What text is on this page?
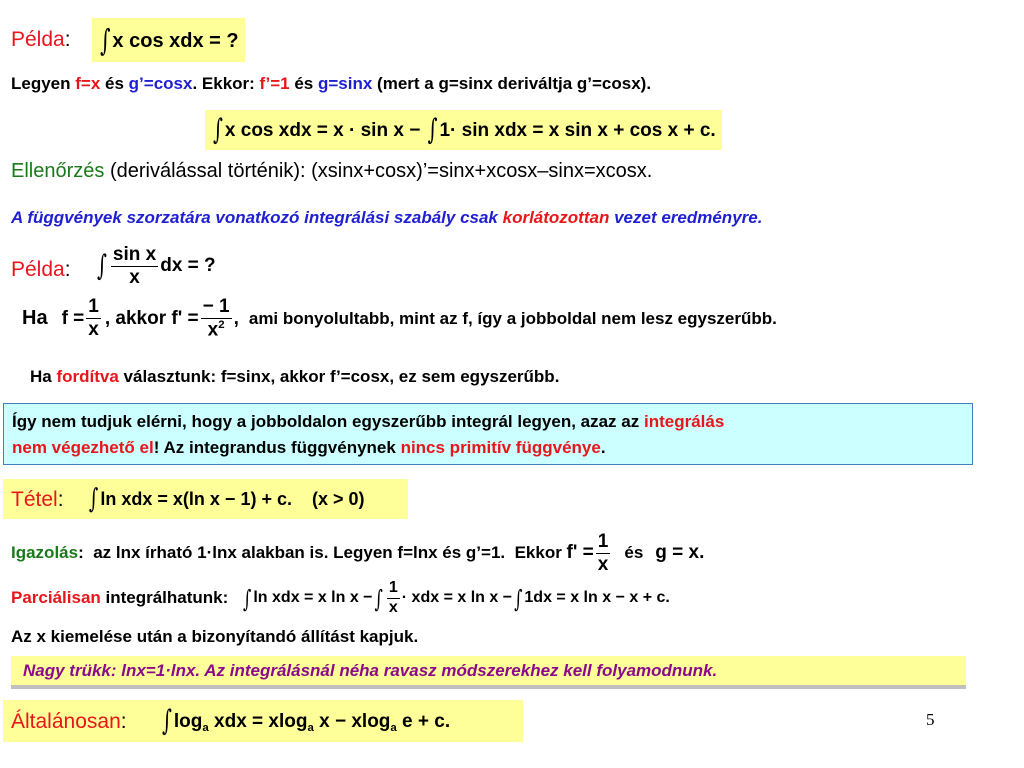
Példa:	∫ x cos xdx = ?
Legyen f=x és g’=cosx. Ekkor: f’=1 és g=sinx (mert a g=sinx deriváltja g’=cosx).
∫ x cos xdx = x · sin x − ∫ 1· sin xdx = x sin x + cos x + c.
Ellenőrzés (deriválással történik): (xsinx+cosx)’=sinx+xcosx–sinx=xcosx.
A függvények szorzatára vonatkozó integrálási szabály csak korlátozottan vezet eredményre.
Példa: ∫ $\frac{\text{sin x}}{x}$ dx = ?
Ha $f = \frac{1}{x}$ , akkor $f' = \frac{- 1}{x^2}$ , ami bonyolultabb, mint az f, így a jobboldal nem lesz egyszerűbb.
Ha fordítva választunk: f=sinx, akkor f’=cosx, ez sem egyszerűbb.
Így nem tudjuk elérni, hogy a jobboldalon egyszerűbb integrál legyen, azaz az integrálás
nem végezhető el! Az integrandus függvénynek nincs primitív függvénye.
Tétel: ∫ ln xdx = x(ln x − 1) + c.    (x > 0)
Igazolás :  az lnx írható 1·lnx alakban is. Legyen f=lnx és g’=1.  Ekkor $f' = \frac{1}{x}$ és g = x.
Parciálisan integrálhatunk: ∫ ln xdx = x ln x − ∫ $\frac{1}{x}$ · xdx = x ln x − ∫ 1dx = x ln x − x + c.
Az x kiemelése után a bizonyítandó állítást kapjuk.
Nagy trükk: lnx=1·lnx. Az integrálásnál néha ravasz módszerekhez kell folyamodnunk.
Általánosan: ∫ $\log_a$ xdx = xlog$_a$ x − xlog$_a$ e + c.	5
